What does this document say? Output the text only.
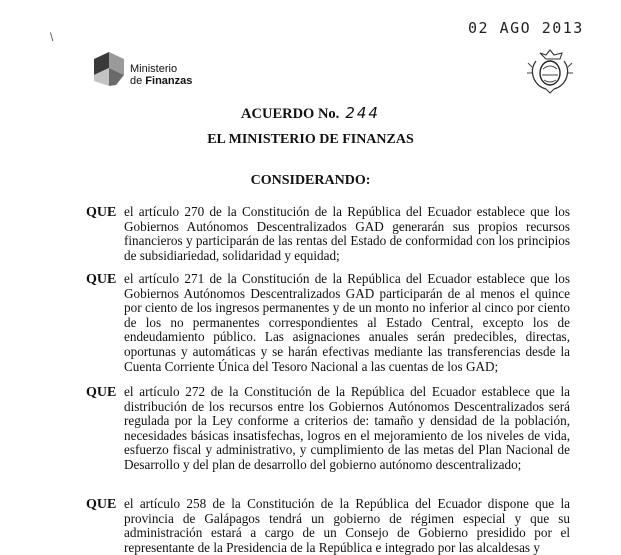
02 AGO 2013
\
Ministerio
de Finanzas
ACUERDO No. 244
EL MINISTERIO DE FINANZAS
CONSIDERANDO:
QUE el artículo 270 de la Constitución de la República del Ecuador establece que los Gobiernos Autónomos Descentralizados GAD generarán sus propios recursos financieros y participarán de las rentas del Estado de conformidad con los principios de subsidiariedad, solidaridad y equidad;
QUE el artículo 271 de la Constitución de la República del Ecuador establece que los Gobiernos Autónomos Descentralizados GAD participarán de al menos el quince por ciento de los ingresos permanentes y de un monto no inferior al cinco por ciento de los no permanentes correspondientes al Estado Central, excepto los de endeudamiento público. Las asignaciones anuales serán predecibles, directas, oportunas y automáticas y se harán efectivas mediante las transferencias desde la Cuenta Corriente Única del Tesoro Nacional a las cuentas de los GAD;
QUE el artículo 272 de la Constitución de la República del Ecuador establece que la distribución de los recursos entre los Gobiernos Autónomos Descentralizados será regulada por la Ley conforme a criterios de: tamaño y densidad de la población, necesidades básicas insatisfechas, logros en el mejoramiento de los niveles de vida, esfuerzo fiscal y administrativo, y cumplimiento de las metas del Plan Nacional de Desarrollo y del plan de desarrollo del gobierno autónomo descentralizado;
QUE el artículo 258 de la Constitución de la República del Ecuador dispone que la provincia de Galápagos tendrá un gobierno de régimen especial y que su administración estará a cargo de un Consejo de Gobierno presidido por el representante de la Presidencia de la República e integrado por las alcaldesas y
